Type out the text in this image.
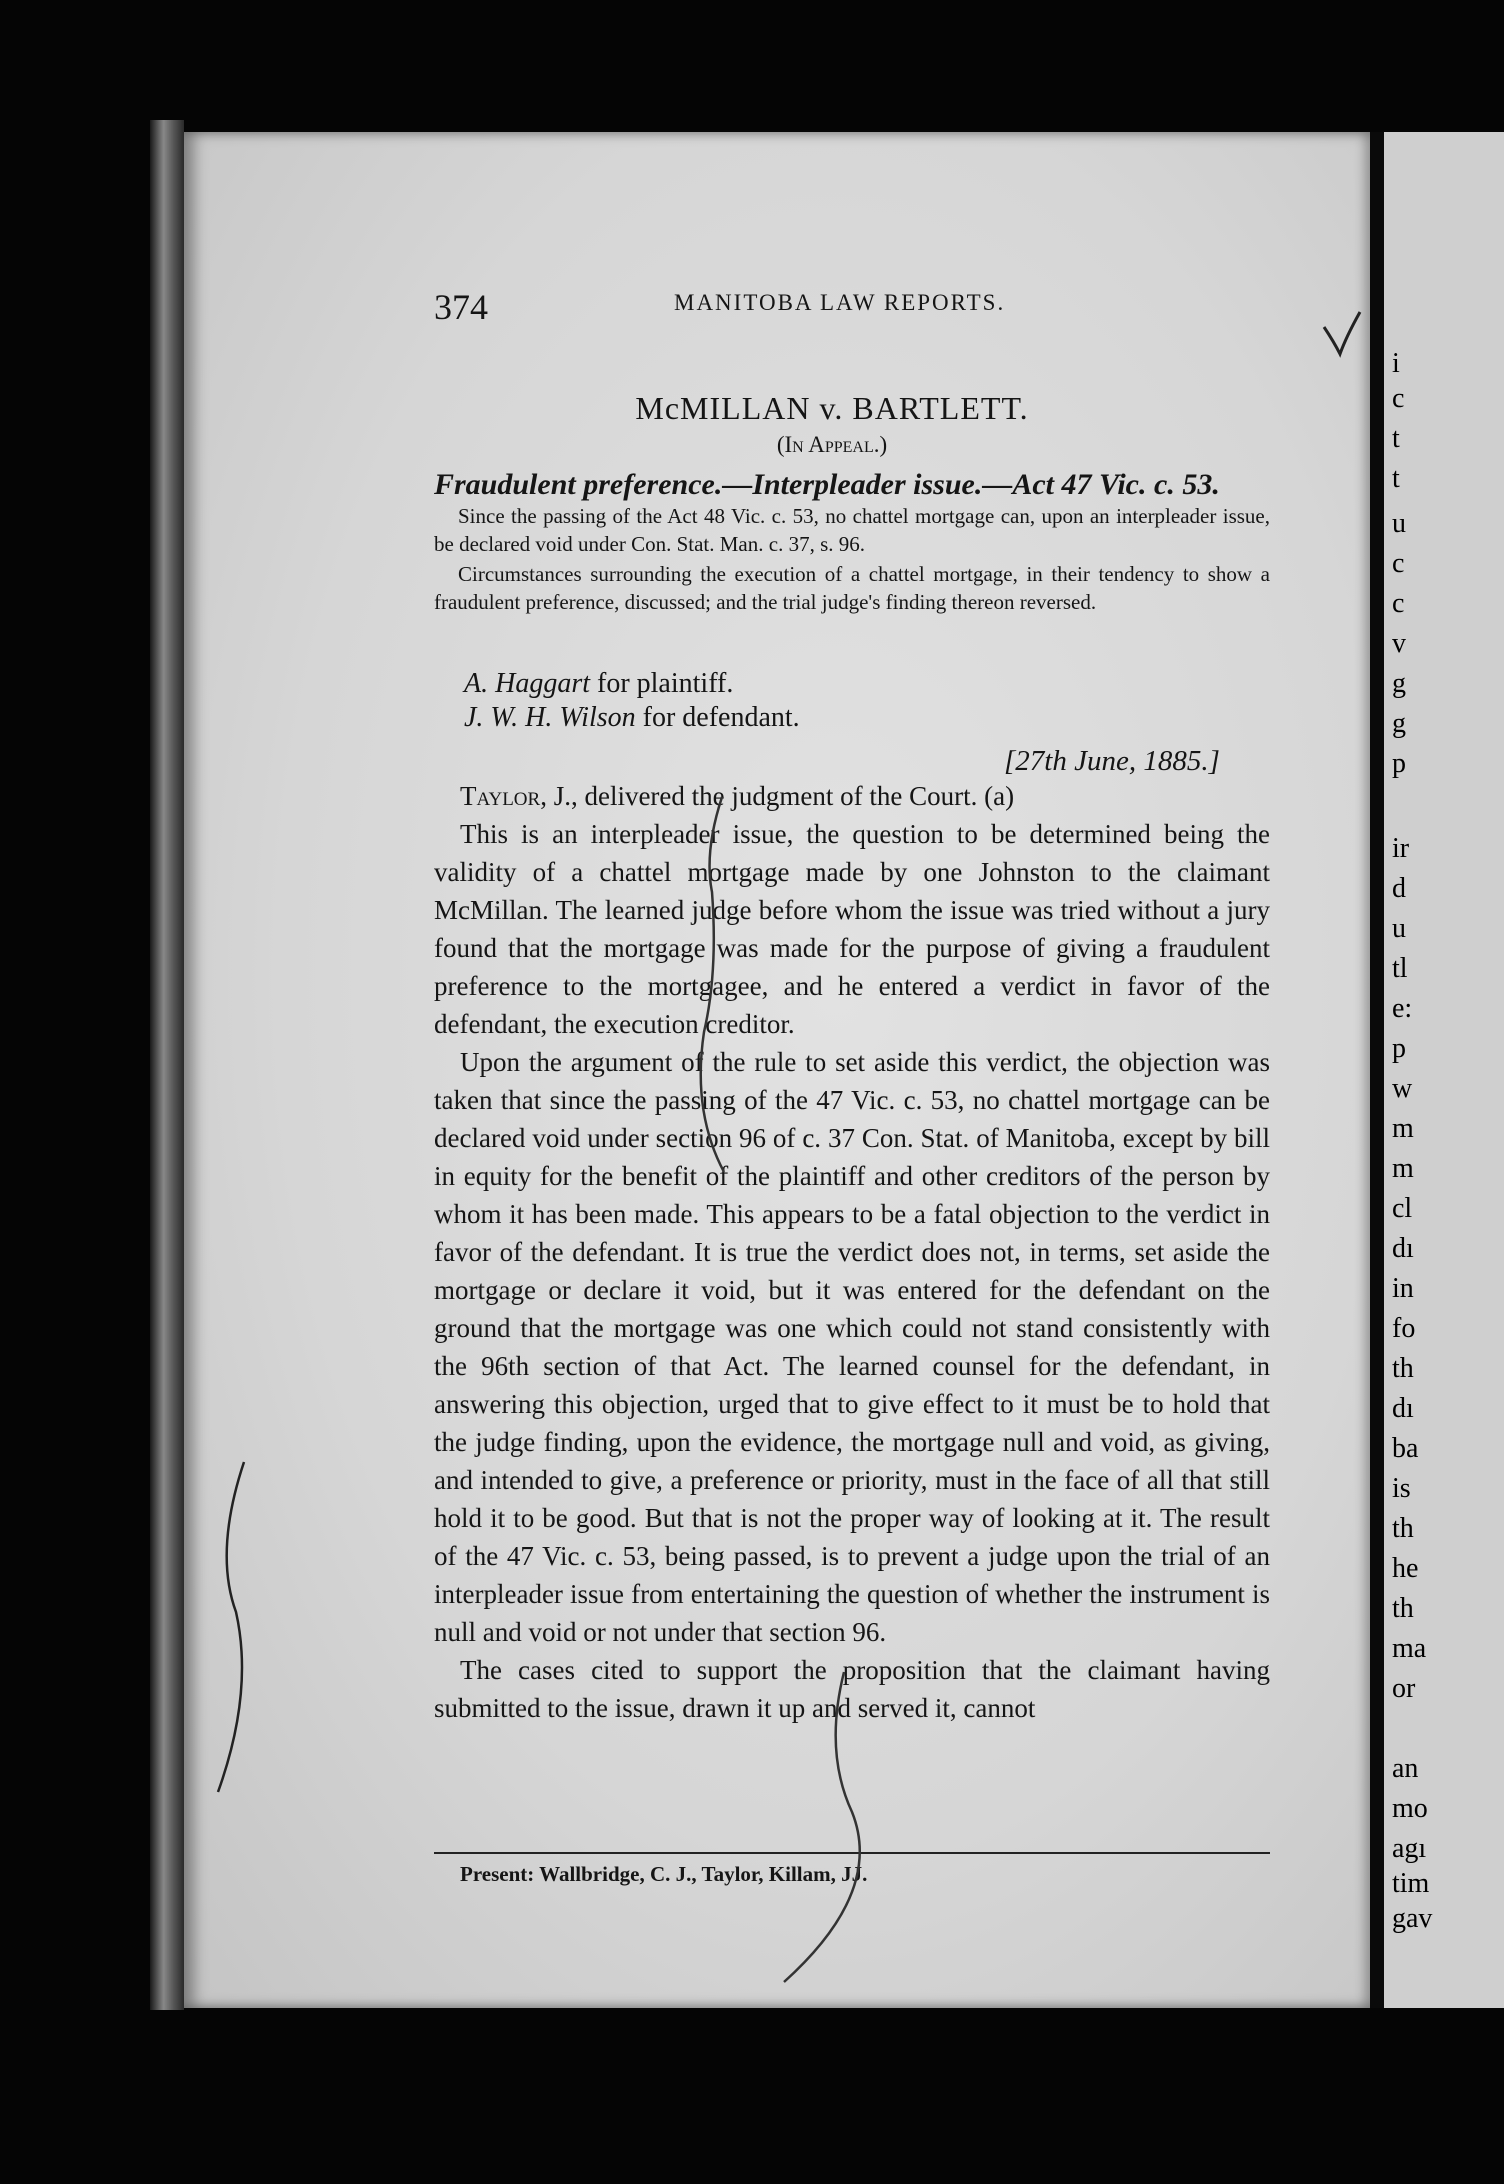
374	MANITOBA LAW REPORTS.
McMILLAN v. BARTLETT.
(In Appeal.)
Fraudulent preference.—Interpleader issue.—Act 47 Vic. c. 53.
Since the passing of the Act 48 Vic. c. 53, no chattel mortgage can, upon an interpleader issue, be declared void under Con. Stat. Man. c. 37, s. 96.
Circumstances surrounding the execution of a chattel mortgage, in their tendency to show a fraudulent preference, discussed; and the trial judge's finding thereon reversed.
A. Haggart for plaintiff.
J. W. H. Wilson for defendant.
[27th June, 1885.]

Taylor, J., delivered the judgment of the Court. (a)

This is an interpleader issue, the question to be determined being the validity of a chattel mortgage made by one Johnston to the claimant McMillan. The learned judge before whom the issue was tried without a jury found that the mortgage was made for the purpose of giving a fraudulent preference to the mortgagee, and he entered a verdict in favor of the defendant, the execution creditor.

Upon the argument of the rule to set aside this verdict, the objection was taken that since the passing of the 47 Vic. c. 53, no chattel mortgage can be declared void under section 96 of c. 37 Con. Stat. of Manitoba, except by bill in equity for the benefit of the plaintiff and other creditors of the person by whom it has been made. This appears to be a fatal objection to the verdict in favor of the defendant. It is true the verdict does not, in terms, set aside the mortgage or declare it void, but it was entered for the defendant on the ground that the mortgage was one which could not stand consistently with the 96th section of that Act. The learned counsel for the defendant, in answering this objection, urged that to give effect to it must be to hold that the judge finding, upon the evidence, the mortgage null and void, as giving, and intended to give, a preference or priority, must in the face of all that still hold it to be good. But that is not the proper way of looking at it. The result of the 47 Vic. c. 53, being passed, is to prevent a judge upon the trial of an interpleader issue from entertaining the question of whether the instrument is null and void or not under that section 96.

The cases cited to support the proposition that the claimant having submitted to the issue, drawn it up and served it, cannot

Present: Wallbridge, C. J., Taylor, Killam, JJ.
i
c
t
t
u
c
c
v
g
g
p
ir
d
u
tl
e:
p
w
m
m
cl
dı
in
fo
th
dı
ba
is
th
he
th
ma
or
an
mo
agı
tim
gav
